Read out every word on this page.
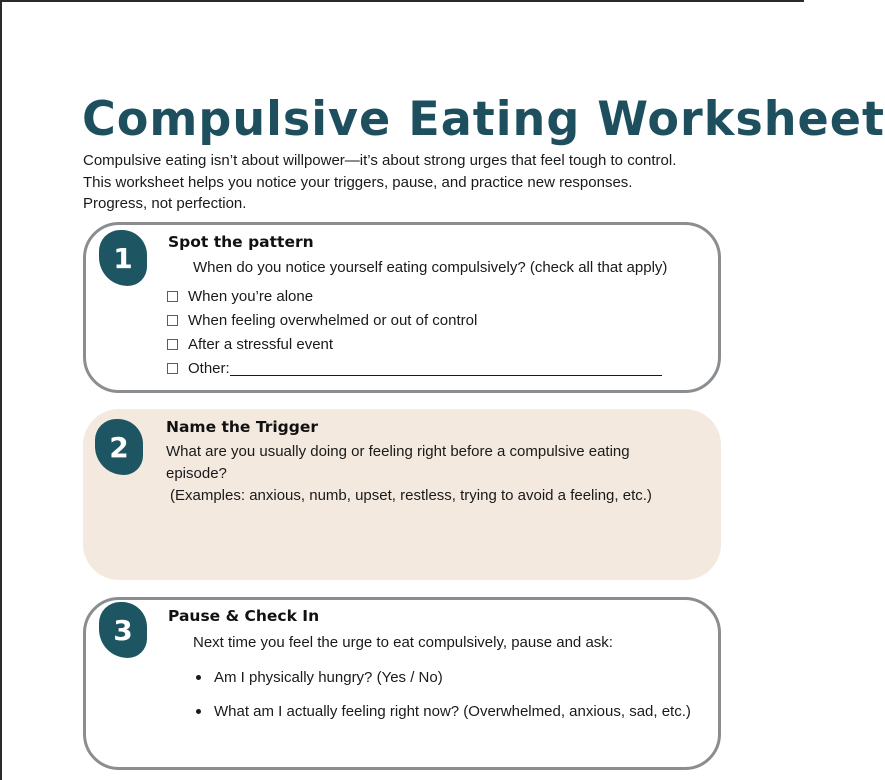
Compulsive Eating Worksheet
Compulsive eating isn’t about willpower—it’s about strong urges that feel tough to control.
This worksheet helps you notice your triggers, pause, and practice new responses.
Progress, not perfection.
1	Spot the pattern
When do you notice yourself eating compulsively? (check all that apply)
When you’re alone
When feeling overwhelmed or out of control
After a stressful event
Other:
2
Name the Trigger
What are you usually doing or feeling right before a compulsive eating episode?
(Examples: anxious, numb, upset, restless, trying to avoid a feeling, etc.)
3	Pause & Check In
Next time you feel the urge to eat compulsively, pause and ask:
Am I physically hungry? (Yes / No)
What am I actually feeling right now? (Overwhelmed, anxious, sad, etc.)
